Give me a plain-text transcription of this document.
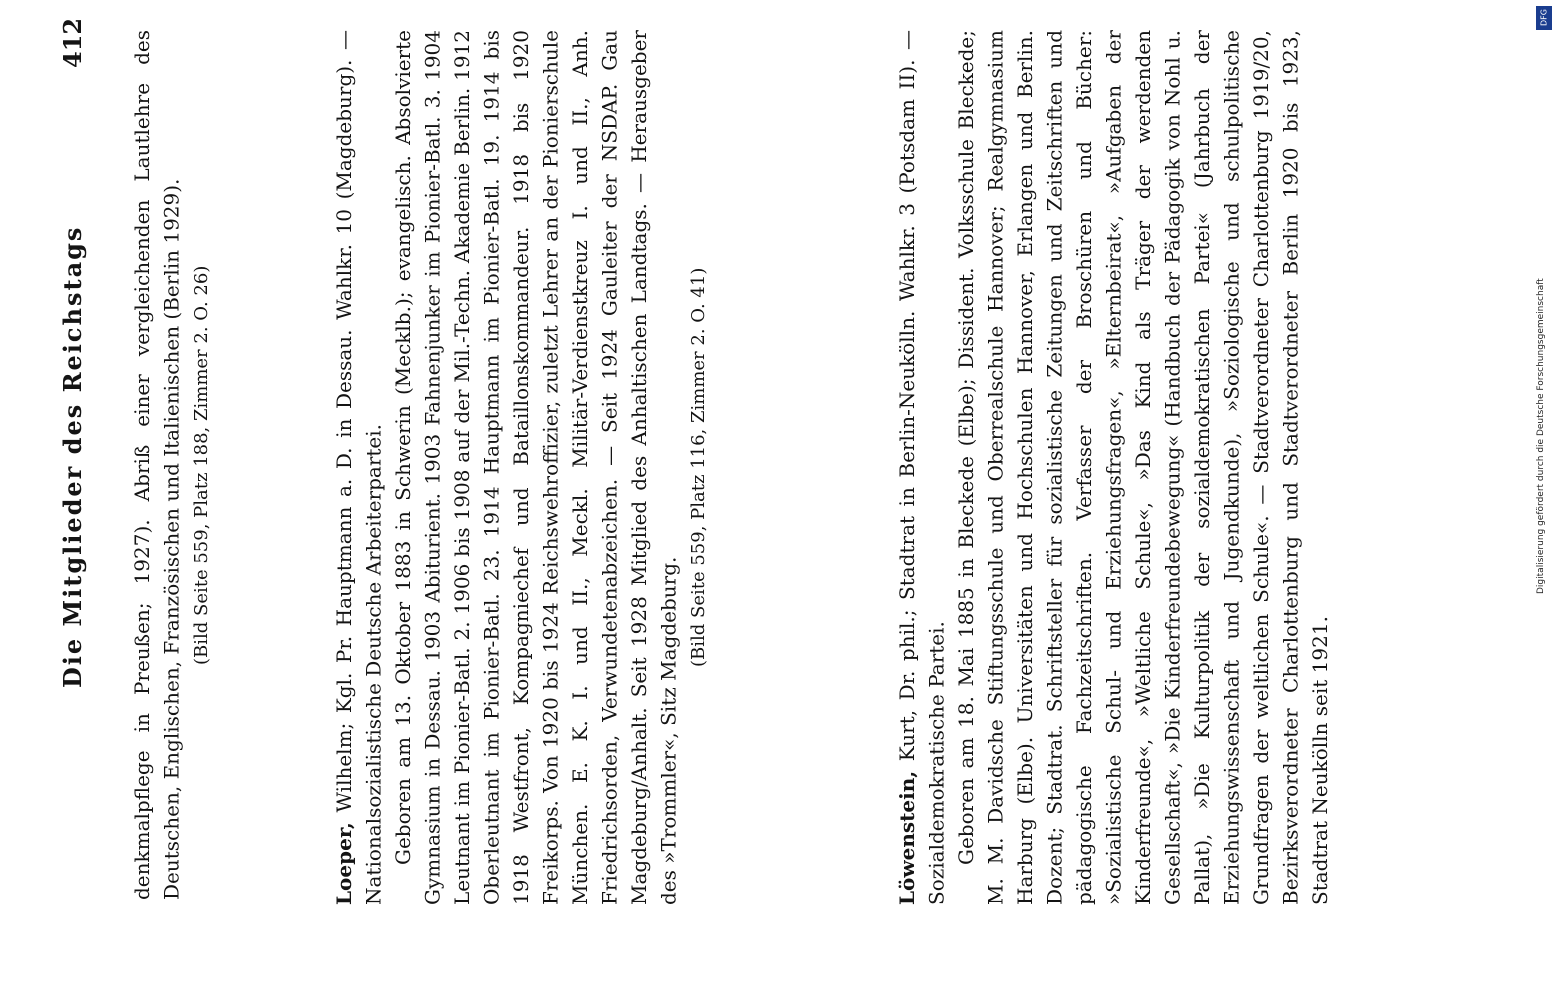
412
Die Mitglieder des Reichstags denkmalpflege in Preußen; 1927). Abriß einer vergleichenden Lautlehre des Deutschen, Englischen, Französischen und Italienischen (Berlin 1929). (Bild Seite 559, Platz 188, Zimmer 2. O. 26)

Loeper, Wilhelm; Kgl. Pr. Hauptmann a. D. in Dessau. Wahlkr. 10 (Magdeburg). — Nationalsozialistische Deutsche Arbeiterpartei. Geboren am 13. Oktober 1883 in Schwerin (Mecklb.); evangelisch. Absolvierte Gymnasium in Dessau. 1903 Abiturient. 1903 Fahnenjunker im Pionier-Batl. 3. 1904 Leutnant im Pionier-Batl. 2. 1906 bis 1908 auf der Mil.-Techn. Akademie Berlin. 1912 Oberleutnant im Pionier-Batl. 23. 1914 Hauptmann im Pionier-Batl. 19. 1914 bis 1918 Westfront, Kompagniechef und Bataillonskommandeur. 1918 bis 1920 Freikorps. Von 1920 bis 1924 Reichswehroffizier, zuletzt Lehrer an der Pionierschule München. E. K. I. und II., Meckl. Militär-Verdienstkreuz I. und II., Anh. Friedrichsorden, Verwundetenabzeichen. — Seit 1924 Gauleiter der NSDAP. Gau Magdeburg/Anhalt. Seit 1928 Mitglied des Anhaltischen Landtags. — Herausgeber des »Trommler«, Sitz Magdeburg.

(Bild Seite 559, Platz 116, Zimmer 2. O. 41)

Löwenstein, Kurt, Dr. phil.; Stadtrat in Berlin-Neukölln. Wahlkr. 3 (Potsdam II). — Sozialdemokratische Partei. Geboren am 18. Mai 1885 in Bleckede (Elbe); Dissident. Volksschule Bleckede; M. M. Davidsche Stiftungsschule und Oberrealschule Hannover; Realgymnasium Harburg (Elbe). Universitäten und Hochschulen Hannover, Erlangen und Berlin. Dozent; Stadtrat. Schriftsteller für sozialistische Zeitungen und Zeitschriften und pädagogische Fachzeitschriften. Verfasser der Broschüren und Bücher: »Sozialistische Schul- und Erziehungsfragen«, »Elternbeirat«, »Aufgaben der Kinderfreunde«, »Weltliche Schule«, »Das Kind als Träger der werdenden Gesellschaft«, »Die Kinderfreundebewegung« (Handbuch der Pädagogik von Nohl u. Pallat), »Die Kulturpolitik der sozialdemokratischen Partei« (Jahrbuch der Erziehungswissenschaft und Jugendkunde), »Soziologische und schulpolitische Grundfragen der weltlichen Schule«. — Stadtverordneter Charlottenburg 1919/20, Bezirksverordneter Charlottenburg und Stadtverordneter Berlin 1920 bis 1923, Stadtrat Neukölln seit 1921.

DFG
Digitalisierung gefördert durch die Deutsche Forschungsgemeinschaft
